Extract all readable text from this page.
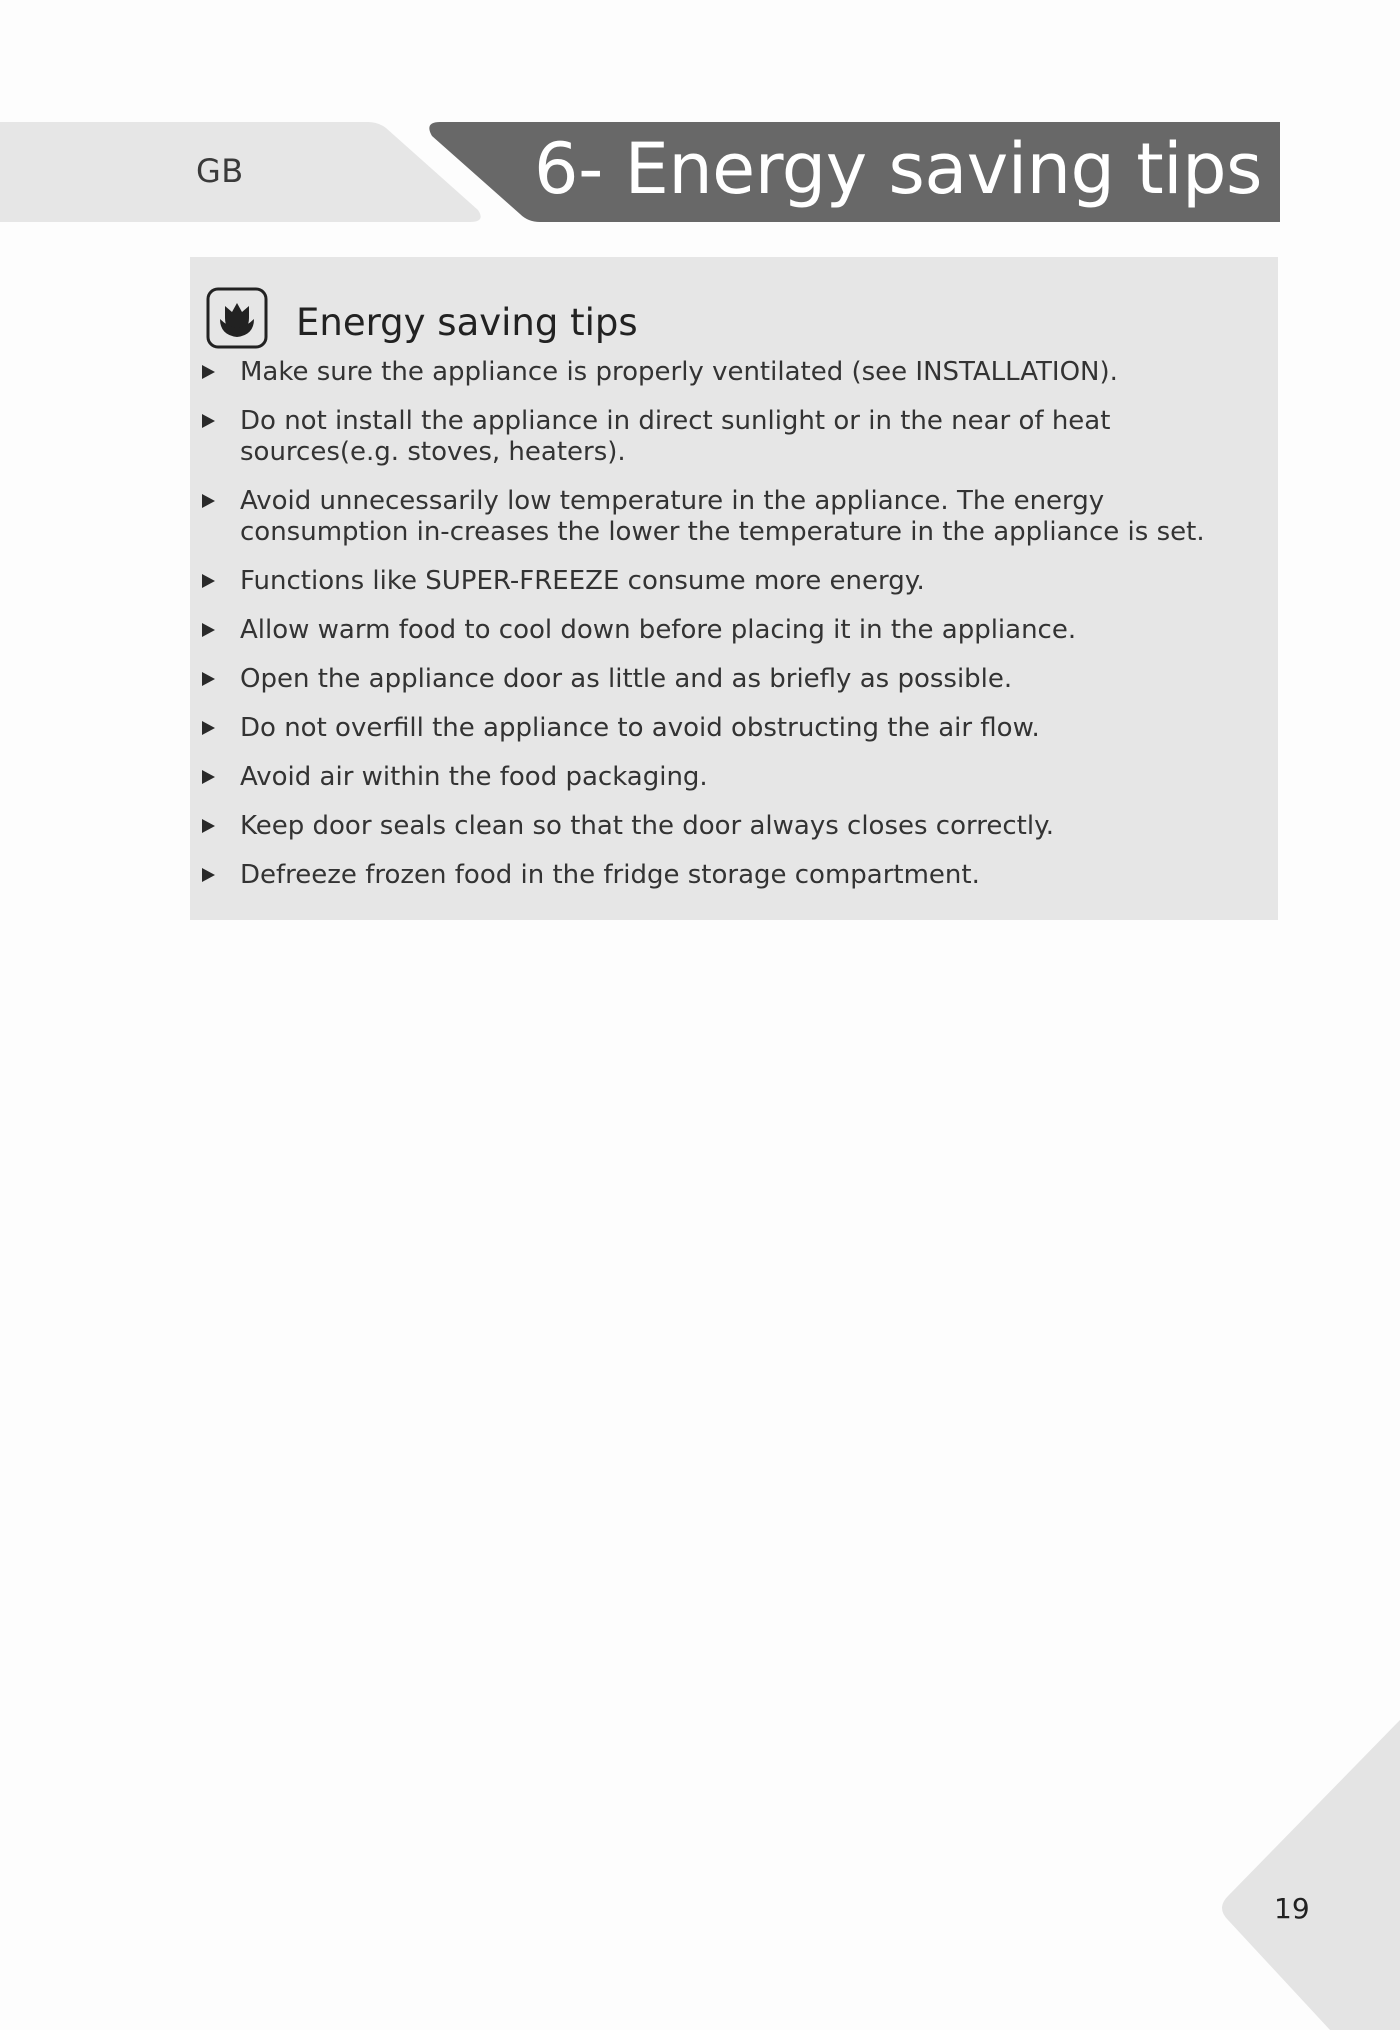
GB	6- Energy saving tips
Energy saving tips
Make sure the appliance is properly ventilated (see INSTALLATION).
Do not install the appliance in direct sunlight or in the near of heat sources(e.g. stoves, heaters).
Avoid unnecessarily low temperature in the appliance. The energy consumption in-creases the lower the temperature in the appliance is set.
Functions like SUPER-FREEZE consume more energy.
Allow warm food to cool down before placing it in the appliance.
Open the appliance door as little and as briefly as possible.
Do not overfill the appliance to avoid obstructing the air flow.
Avoid air within the food packaging.
Keep door seals clean so that the door always closes correctly.
Defreeze frozen food in the fridge storage compartment.
19
